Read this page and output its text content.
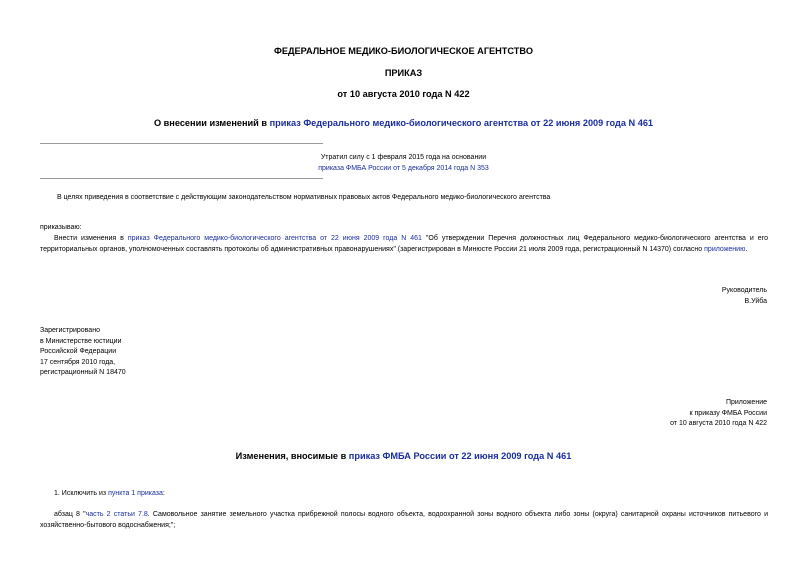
ФЕДЕРАЛЬНОЕ МЕДИКО-БИОЛОГИЧЕСКОЕ АГЕНТСТВО
ПРИКАЗ
от 10 августа 2010 года N 422
О внесении изменений в приказ Федерального медико-биологического агентства от 22 июня 2009 года N 461
Утратил силу с 1 февраля 2015 года на основании
приказа ФМБА России от 5 декабря 2014 года N 353
В целях приведения в соответствие с действующим законодательством нормативных правовых актов Федерального медико-биологического агентства
приказываю:
Внести изменения в приказ Федерального медико-биологического агентства от 22 июня 2009 года N 461 "Об утверждении Перечня должностных лиц Федерального медико-биологического агентства и его территориальных органов, уполномоченных составлять протоколы об административных правонарушениях" (зарегистрирован в Минюсте России 21 июля 2009 года, регистрационный N 14370) согласно приложению.
Руководитель
В.Уйба
Зарегистрировано
в Министерстве юстиции
Российской Федерации
17 сентября 2010 года,
регистрационный N 18470
Приложение
к приказу ФМБА России
от 10 августа 2010 года N 422
Изменения, вносимые в приказ ФМБА России от 22 июня 2009 года N 461
1. Исключить из пункта 1 приказа:
абзац 8 "часть 2 статьи 7.8. Самовольное занятие земельного участка прибрежной полосы водного объекта, водоохранной зоны водного объекта либо зоны (округа) санитарной охраны источников питьевого и хозяйственно-бытового водоснабжения;";
